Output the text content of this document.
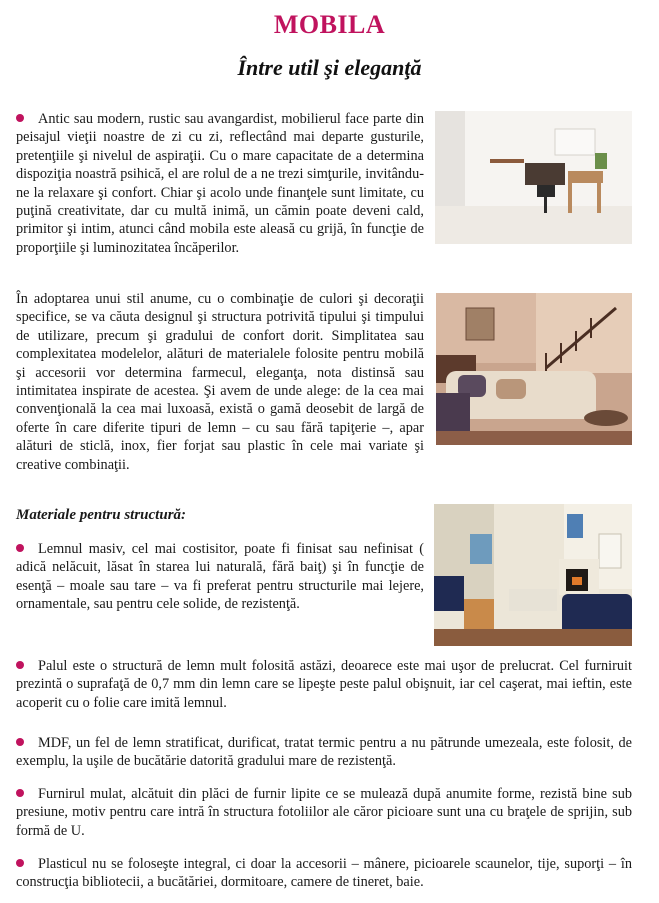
MOBILA
Între util şi eleganţă

Antic sau modern, rustic sau avangardist, mobilierul face parte din peisajul vieţii noastre de zi cu zi, reflectând mai departe gusturile, pretenţiile şi nivelul de aspiraţii. Cu o mare capacitate de a determina dispoziţia noastră psihică, el are rolul de a ne trezi simţurile, invitându-ne la relaxare şi confort. Chiar şi acolo unde finanţele sunt limitate, cu puţină creativitate, dar cu multă inimă, un cămin poate deveni cald, primitor şi intim, atunci când mobila este aleasă cu grijă, în funcţie de proporţiile şi luminozitatea încăperilor.

În adoptarea unui stil anume, cu o combinaţie de culori şi decoraţii specifice, se va căuta designul şi structura potrivită tipului şi timpului de utilizare, precum şi gradului de confort dorit. Simplitatea sau complexitatea modelelor, alături de materialele folosite pentru mobilă şi accesorii vor determina farmecul, eleganţa, nota distinsă sau intimitatea inspirate de acestea. Şi avem de unde alege: de la cea mai convenţională la cea mai luxoasă, există o gamă deosebit de largă de oferte în care diferite tipuri de lemn – cu sau fără tapiţerie –, apar alături de sticlă, inox, fier forjat sau plastic în cele mai variate şi creative combinaţii.

Materiale pentru structură:

Lemnul masiv, cel mai costisitor, poate fi finisat sau nefinisat ( adică nelăcuit, lăsat în starea lui naturală, fără baiţ) şi în funcţie de esenţă – moale sau tare – va fi preferat pentru structurile mai lejere, ornamentale, sau pentru cele solide, de rezistenţă.

Palul este o structură de lemn mult folosită astăzi, deoarece este mai uşor de prelucrat. Cel furniruit prezintă o suprafaţă de 0,7 mm din lemn care se lipeşte peste palul obişnuit, iar cel caşerat, mai ieftin, este acoperit cu o folie care imită lemnul.

MDF, un fel de lemn stratificat, durificat, tratat termic pentru a nu pătrunde umezeala, este folosit, de exemplu, la uşile de bucătărie datorită gradului mare de rezistenţă.

Furnirul mulat, alcătuit din plăci de furnir lipite ce se mulează după anumite forme, rezistă bine sub presiune, motiv pentru care intră în structura fotoliilor ale căror picioare sunt una cu braţele de sprijin, sub formă de U.

Plasticul nu se foloseşte integral, ci doar la accesorii – mânere, picioarele scaunelor, tije, suporţi – în construcţia bibliotecii, a bucătăriei, dormitoare, camere de tineret, baie.
